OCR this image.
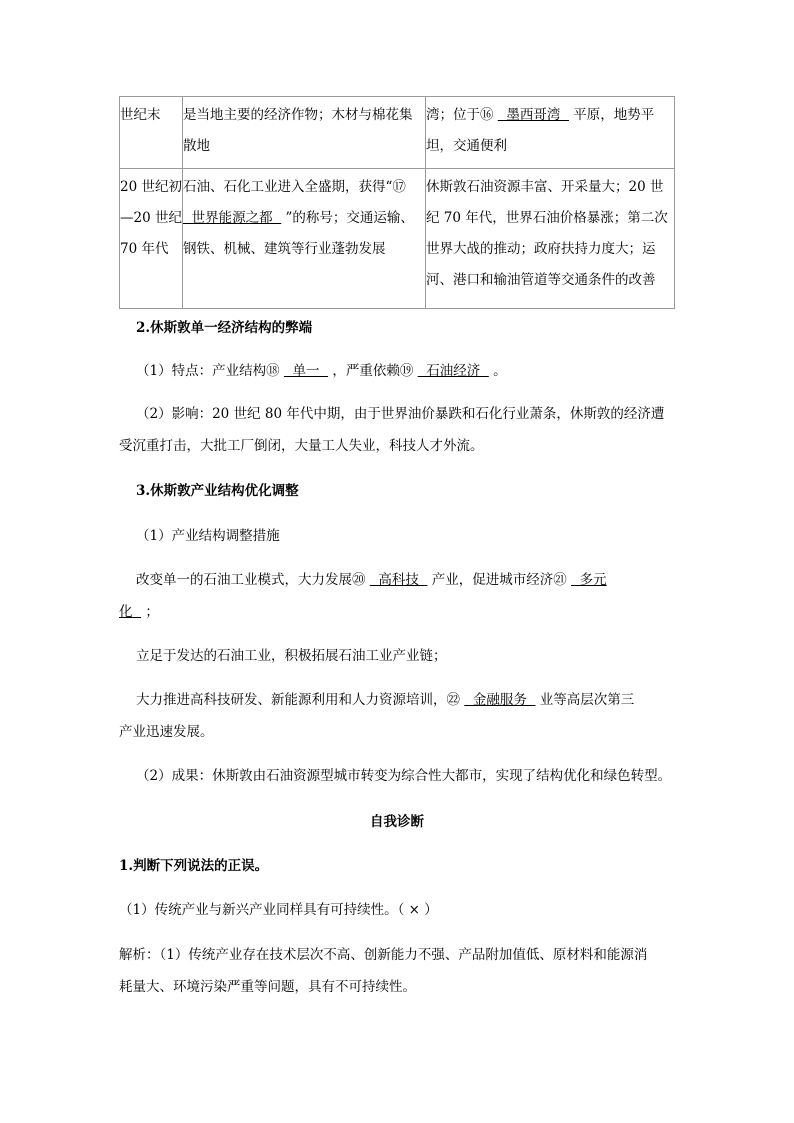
世纪末	是当地主要的经济作物；木材与棉花集散地	湾；位于⑯   墨西哥湾   平原，地势平坦，交通便利
20 世纪初—20 世纪 70 年代	石油、石化工业进入全盛期，获得“⑰   世界能源之都   ”的称号；交通运输、钢铁、机械、建筑等行业蓬勃发展	休斯敦石油资源丰富、开采量大；20 世纪 70 年代，世界石油价格暴涨；第二次世界大战的推动；政府扶持力度大；运河、港口和输油管道等交通条件的改善
2.休斯敦单一经济结构的弊端
（1）特点：产业结构⑱   单一   ，严重依赖⑲   石油经济   。
（2）影响：20 世纪 80 年代中期，由于世界油价暴跌和石化行业萧条，休斯敦的经济遭
受沉重打击，大批工厂倒闭，大量工人失业，科技人才外流。
3.休斯敦产业结构优化调整
（1）产业结构调整措施
改变单一的石油工业模式，大力发展⑳   高科技   产业，促进城市经济㉑   多元
化   ；
立足于发达的石油工业，积极拓展石油工业产业链；
大力推进高科技研发、新能源利用和人力资源培训，㉒   金融服务   业等高层次第三
产业迅速发展。
（2）成果：休斯敦由石油资源型城市转变为综合性大都市，实现了结构优化和绿色转型。
自我诊断
1.判断下列说法的正误。
（1）传统产业与新兴产业同样具有可持续性。（ × ）
解析：（1）传统产业存在技术层次不高、创新能力不强、产品附加值低、原材料和能源消
耗量大、环境污染严重等问题，具有不可持续性。
